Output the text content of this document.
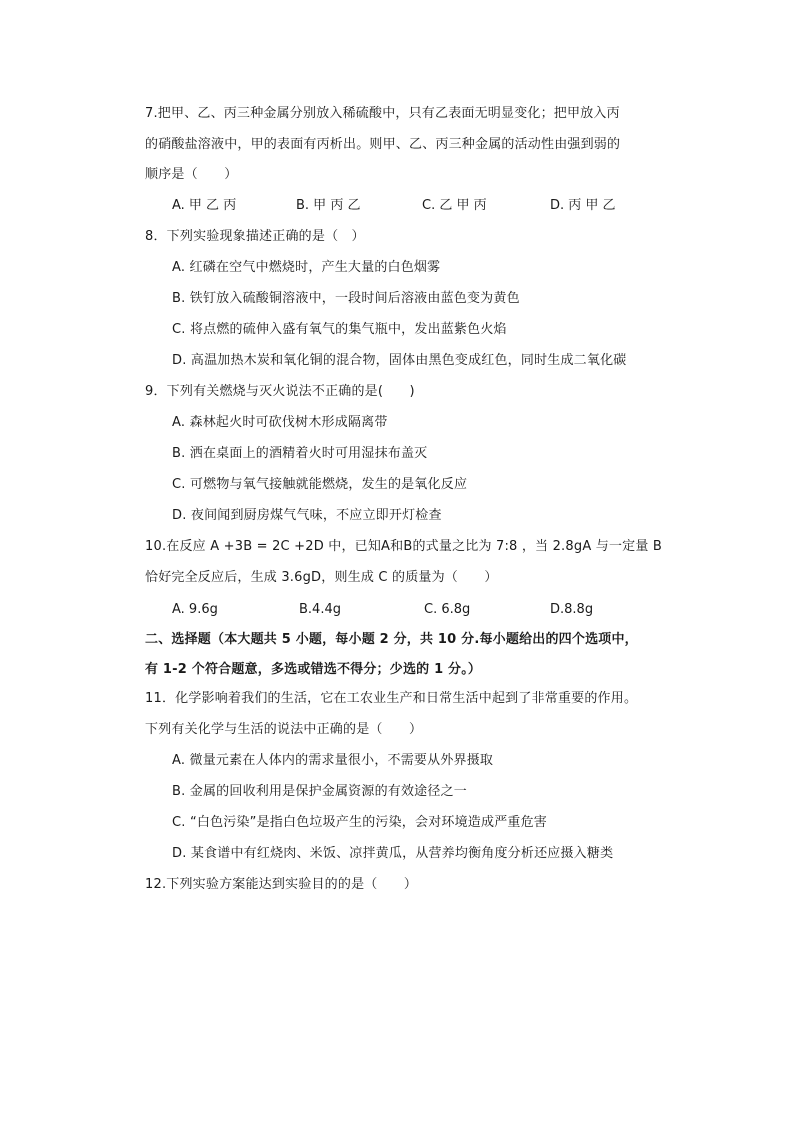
7.把甲、乙、丙三种金属分别放入稀硫酸中，只有乙表面无明显变化；把甲放入丙
的硝酸盐溶液中，甲的表面有丙析出。则甲、乙、丙三种金属的活动性由强到弱的
顺序是（　　）
A. 甲 乙 丙	B. 甲 丙 乙	C. 乙 甲 丙	D. 丙 甲 乙
8．下列实验现象描述正确的是（　）
A. 红磷在空气中燃烧时，产生大量的白色烟雾
B. 铁钉放入硫酸铜溶液中，一段时间后溶液由蓝色变为黄色
C. 将点燃的硫伸入盛有氧气的集气瓶中，发出蓝紫色火焰
D. 高温加热木炭和氧化铜的混合物，固体由黑色变成红色，同时生成二氧化碳
9．下列有关燃烧与灭火说法不正确的是(　　)
A. 森林起火时可砍伐树木形成隔离带
B. 洒在桌面上的酒精着火时可用湿抹布盖灭
C. 可燃物与氧气接触就能燃烧，发生的是氧化反应
D. 夜间闻到厨房煤气气味，不应立即开灯检查
10.在反应 A +3B = 2C +2D 中，已知A和B的式量之比为 7:8 ，当 2.8gA 与一定量 B
恰好完全反应后，生成 3.6gD，则生成 C 的质量为（　　）
A. 9.6g	B.4.4g	C. 6.8g	D.8.8g
二、选择题（本大题共 5 小题，每小题 2 分，共 10 分.每小题给出的四个选项中，
有 1-2 个符合题意，多选或错选不得分；少选的 1 分。）
11．化学影响着我们的生活，它在工农业生产和日常生活中起到了非常重要的作用。
下列有关化学与生活的说法中正确的是（　　）
A. 微量元素在人体内的需求量很小，不需要从外界摄取
B. 金属的回收利用是保护金属资源的有效途径之一
C. “白色污染”是指白色垃圾产生的污染，会对环境造成严重危害
D. 某食谱中有红烧肉、米饭、凉拌黄瓜，从营养均衡角度分析还应摄入糖类
12.下列实验方案能达到实验目的的是（　　）
